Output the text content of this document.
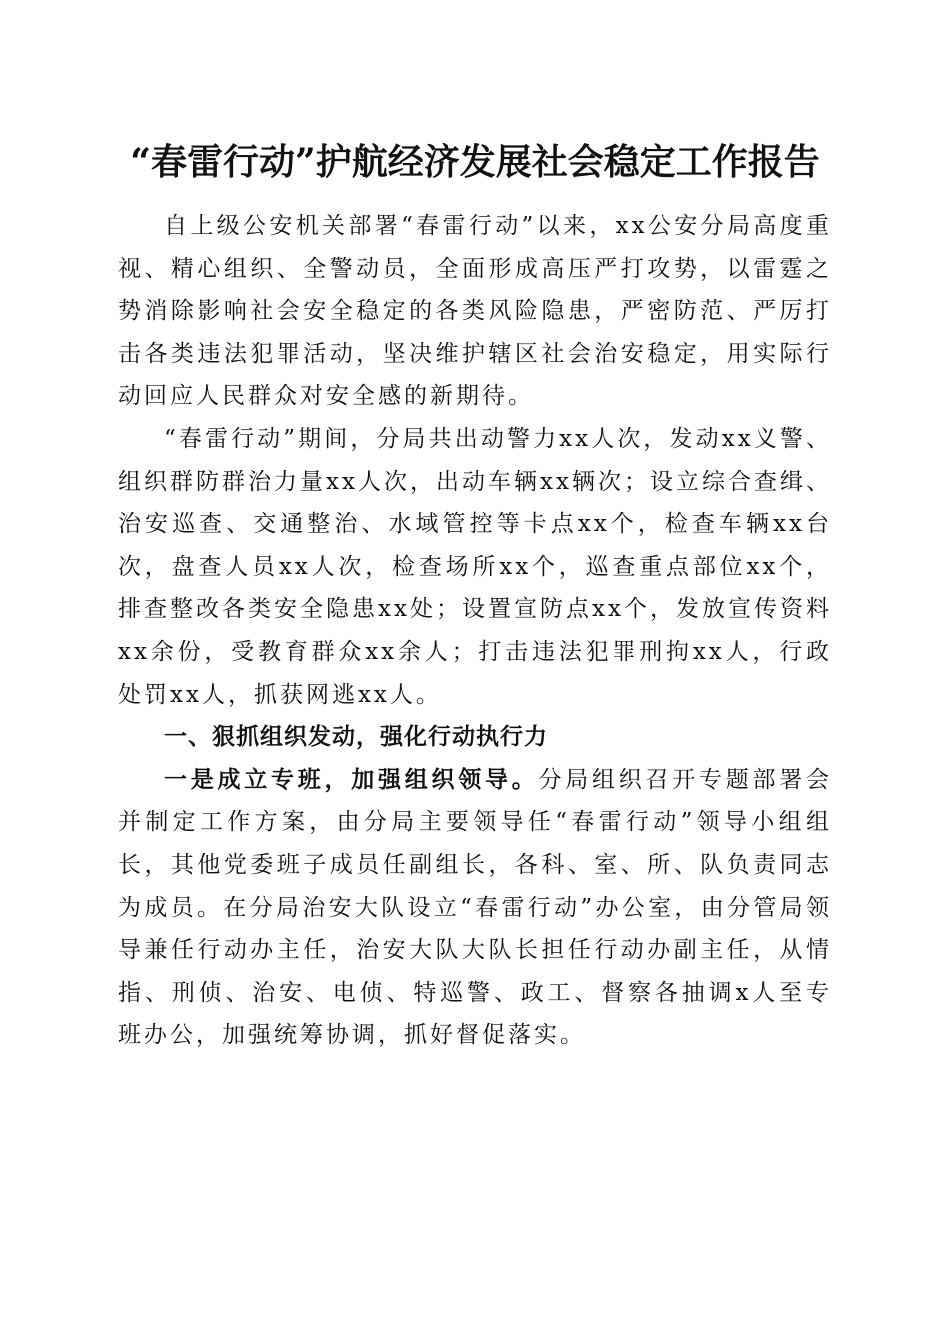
“春雷行动”护航经济发展社会稳定工作报告

自上级公安机关部署“春雷行动”以来，xx公安分局高度重视、精心组织、全警动员，全面形成高压严打攻势，以雷霆之势消除影响社会安全稳定的各类风险隐患，严密防范、严厉打击各类违法犯罪活动，坚决维护辖区社会治安稳定，用实际行动回应人民群众对安全感的新期待。

“春雷行动”期间，分局共出动警力xx人次，发动xx义警、组织群防群治力量xx人次，出动车辆xx辆次；设立综合查缉、治安巡查、交通整治、水域管控等卡点xx个，检查车辆xx台次，盘查人员xx人次，检查场所xx个，巡查重点部位xx个，排查整改各类安全隐患xx处；设置宣防点xx个，发放宣传资料xx余份，受教育群众xx余人；打击违法犯罪刑拘xx人，行政处罚xx人，抓获网逃xx人。

一、狠抓组织发动，强化行动执行力

一是成立专班，加强组织领导。分局组织召开专题部署会并制定工作方案，由分局主要领导任“春雷行动”领导小组组长，其他党委班子成员任副组长，各科、室、所、队负责同志为成员。在分局治安大队设立“春雷行动”办公室，由分管局领导兼任行动办主任，治安大队大队长担任行动办副主任，从情指、刑侦、治安、电侦、特巡警、政工、督察各抽调x人至专班办公，加强统筹协调，抓好督促落实。
